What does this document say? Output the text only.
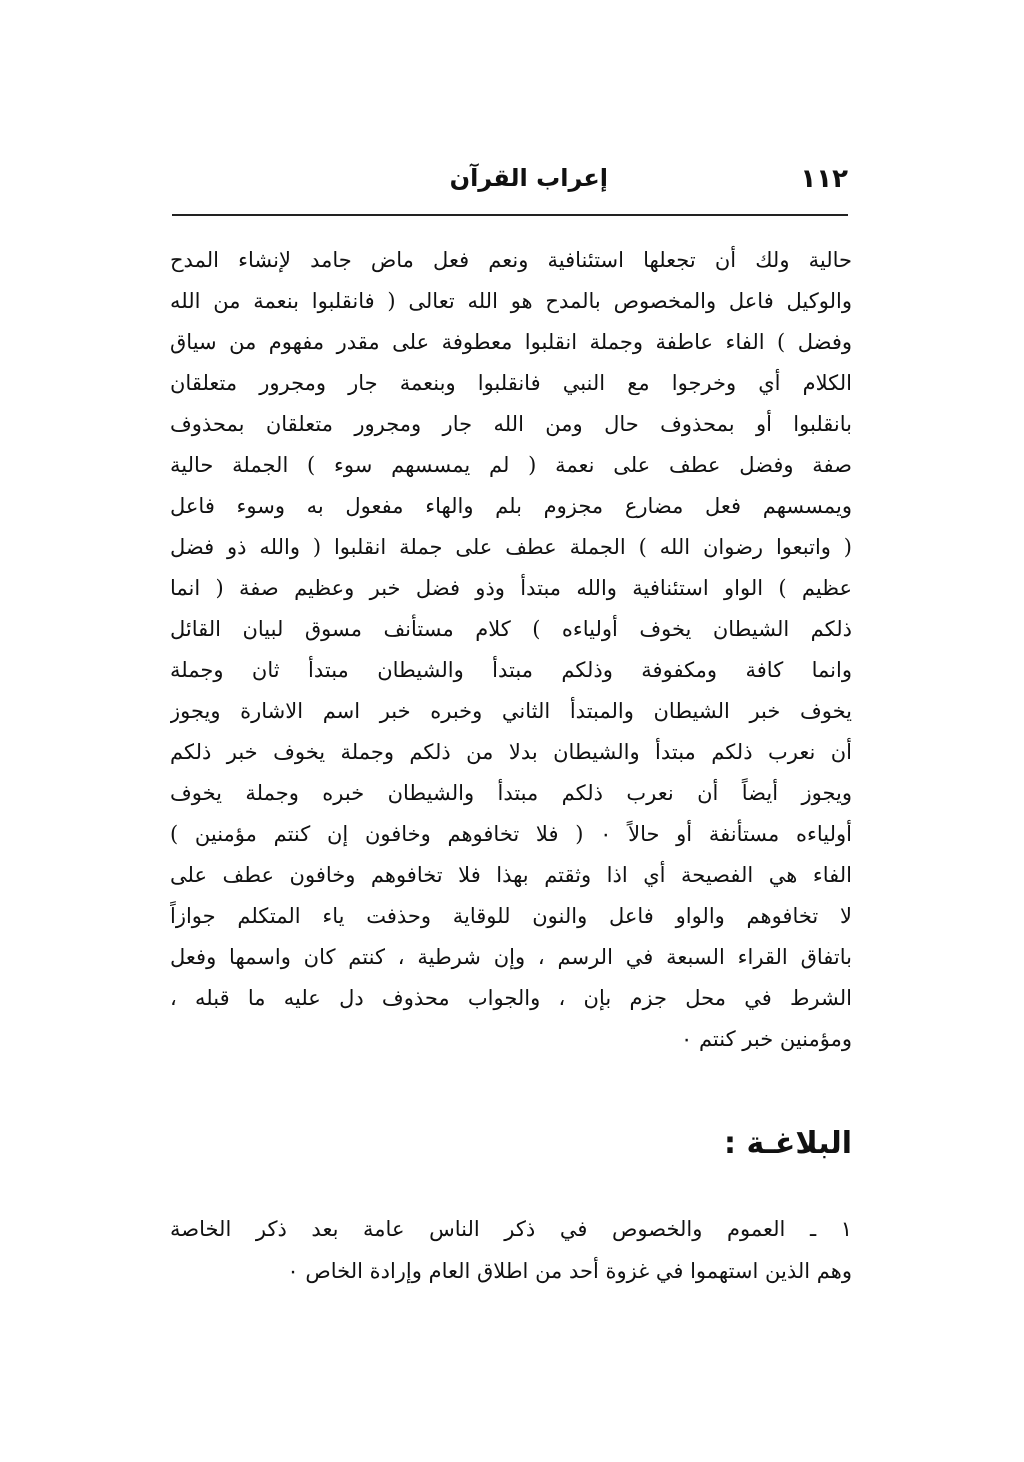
١١٢
إعراب القرآن
حالية ولك أن تجعلها استئنافية ونعم فعل ماض جامد لإنشاء المدح
والوكيل فاعل والمخصوص بالمدح هو الله تعالى ( فانقلبوا بنعمة من الله
وفضل ) الفاء عاطفة وجملة انقلبوا معطوفة على مقدر مفهوم من سياق
الكلام أي وخرجوا مع النبي فانقلبوا وبنعمة جار ومجرور متعلقان
بانقلبوا أو بمحذوف حال ومن الله جار ومجرور متعلقان بمحذوف
صفة وفضل عطف على نعمة ( لم يمسسهم سوء ) الجملة حالية
ويمسسهم فعل مضارع مجزوم بلم والهاء مفعول به وسوء فاعل
( واتبعوا رضوان الله ) الجملة عطف على جملة انقلبوا ( والله ذو فضل
عظيم ) الواو استئنافية والله مبتدأ وذو فضل خبر وعظيم صفة ( انما
ذلكم الشيطان يخوف أولياءه ) كلام مستأنف مسوق لبيان القائل
وانما كافة ومكفوفة وذلكم مبتدأ والشيطان مبتدأ ثان وجملة
يخوف خبر الشيطان والمبتدأ الثاني وخبره خبر اسم الاشارة ويجوز
أن نعرب ذلكم مبتدأ والشيطان بدلا من ذلكم وجملة يخوف خبر ذلكم
ويجوز أيضاً أن نعرب ذلكم مبتدأ والشيطان خبره وجملة يخوف
أولياءه مستأنفة أو حالاً ٠ ( فلا تخافوهم وخافون إن كنتم مؤمنين )
الفاء هي الفصيحة أي اذا وثقتم بهذا فلا تخافوهم وخافون عطف على
لا تخافوهم والواو فاعل والنون للوقاية وحذفت ياء المتكلم جوازاً
باتفاق القراء السبعة في الرسم ، وإن شرطية ، كنتم كان واسمها وفعل
الشرط في محل جزم بإن ، والجواب محذوف دل عليه ما قبله ،
ومؤمنين خبر كنتم ٠
البلاغـة :
١ ـ العموم والخصوص في ذكر الناس عامة بعد ذكر الخاصة
وهم الذين استهموا في غزوة أحد من اطلاق العام وإرادة الخاص ٠
